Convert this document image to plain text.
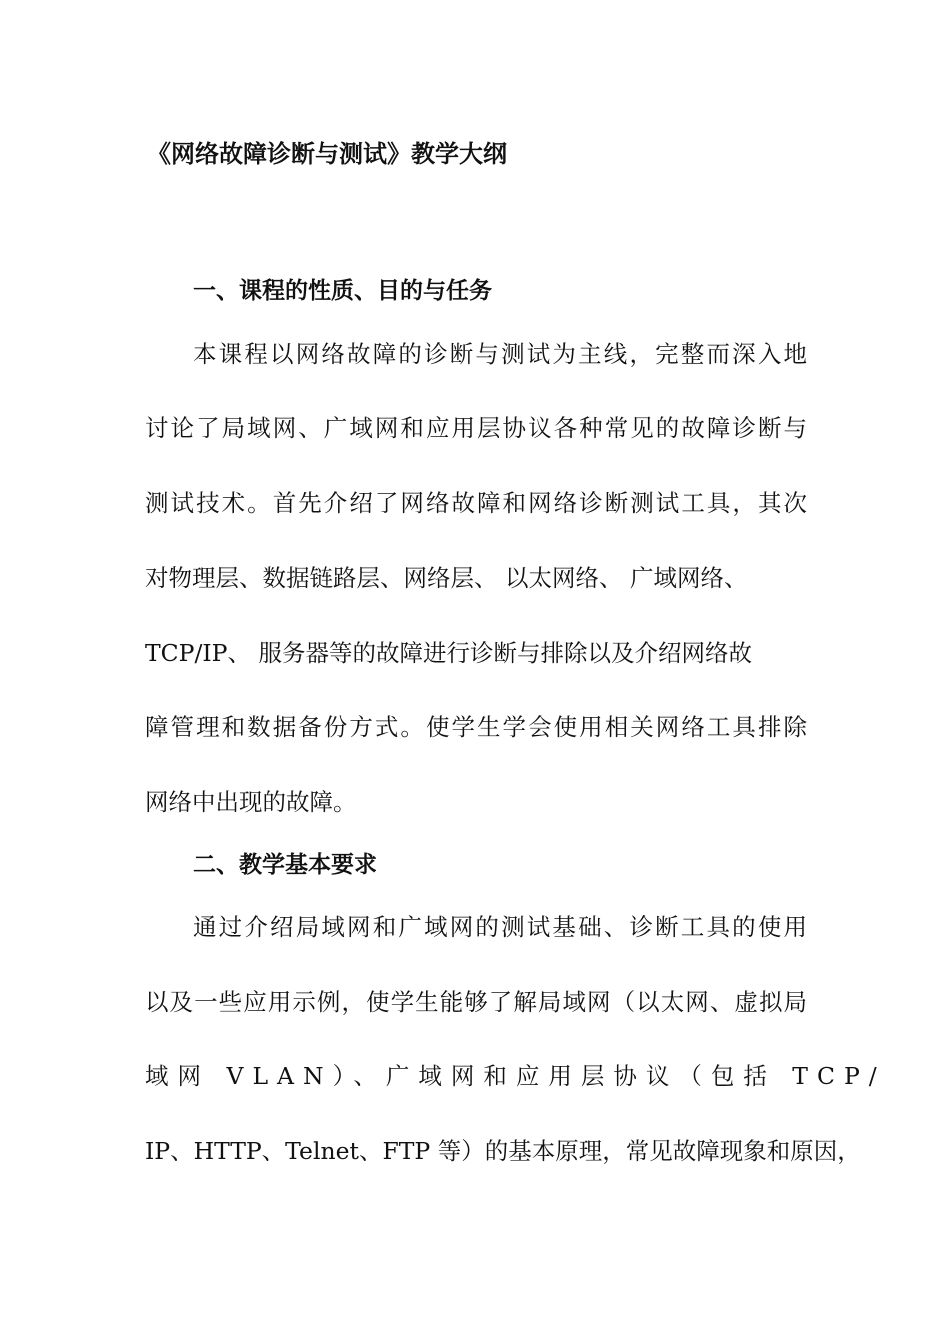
《网络故障诊断与测试》教学大纲
一、课程的性质、目的与任务
本课程以网络故障的诊断与测试为主线，完整而深入地
讨论了局域网、广域网和应用层协议各种常见的故障诊断与
测试技术。首先介绍了网络故障和网络诊断测试工具，其次
对物理层、数据链路层、网络层、 以太网络、 广域网络、
TCP/IP、 服务器等的故障进行诊断与排除以及介绍网络故
障管理和数据备份方式。使学生学会使用相关网络工具排除
网络中出现的故障。
二、教学基本要求
通过介绍局域网和广域网的测试基础、诊断工具的使用
以及一些应用示例，使学生能够了解局域网（以太网、虚拟局
域网 VLAN）、广域网和应用层协议（包括 TCP/
IP、HTTP、Telnet、FTP 等）的基本原理，常见故障现象和原因，
